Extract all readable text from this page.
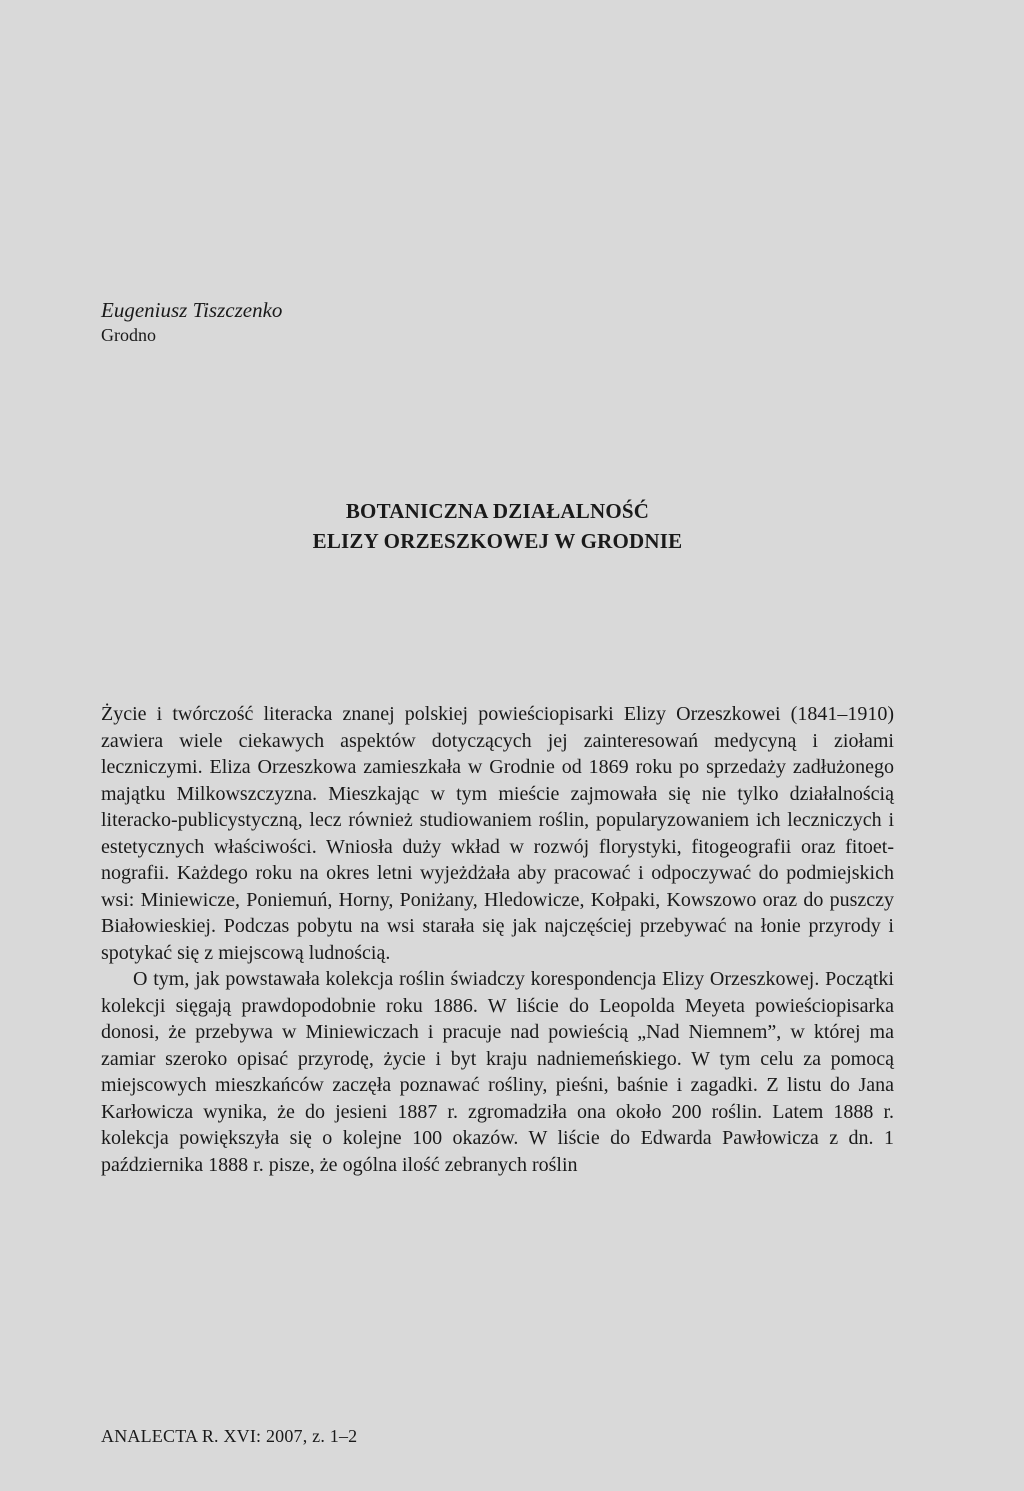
Eugeniusz Tiszczenko
Grodno
BOTANICZNA DZIAŁALNOŚĆ
ELIZY ORZESZKOWEJ W GRODNIE

Życie i twórczość literacka znanej polskiej powieściopisarki Elizy Orzeszkowei (1841–1910) zawiera wiele ciekawych aspektów dotyczących jej zainteresowań medycyną i ziołami leczniczymi. Eliza Orzeszkowa zamieszkała w Grodnie od 1869 roku po sprzedaży zadłużonego majątku Milkowszczyzna. Mieszkając w tym mieście zajmowała się nie tylko działalnością literacko-publicystyczną, lecz również studiowaniem roślin, popularyzowaniem ich leczniczych i estetycznych właściwości. Wniosła duży wkład w rozwój florystyki, fitogeografii oraz fitoetnografii. Każdego roku na okres letni wyjeżdżała aby pracować i odpoczywać do podmiejskich wsi: Miniewicze, Poniemuń, Horny, Poniżany, Hledowicze, Kołpaki, Kowszowo oraz do puszczy Białowieskiej. Podczas pobytu na wsi starała się jak najczęściej przebywać na łonie przyrody i spotykać się z miejscową ludnością.

O tym, jak powstawała kolekcja roślin świadczy korespondencja Elizy Orzeszkowej. Początki kolekcji sięgają prawdopodobnie roku 1886. W liście do Leopolda Meyeta powieściopisarka donosi, że przebywa w Miniewiczach i pracuje nad powieścią „Nad Niemnem”, w której ma zamiar szeroko opisać przyrodę, życie i byt kraju nadniemeńskiego. W tym celu za pomocą miejscowych mieszkańców zaczęła poznawać rośliny, pieśni, baśnie i zagadki. Z listu do Jana Karłowicza wynika, że do jesieni 1887 r. zgromadziła ona około 200 roślin. Latem 1888 r. kolekcja powiększyła się o kolejne 100 okazów. W liście do Edwarda Pawłowicza z dn. 1 października 1888 r. pisze, że ogólna ilość zebranych roślin

ANALECTA R. XVI: 2007, z. 1–2
